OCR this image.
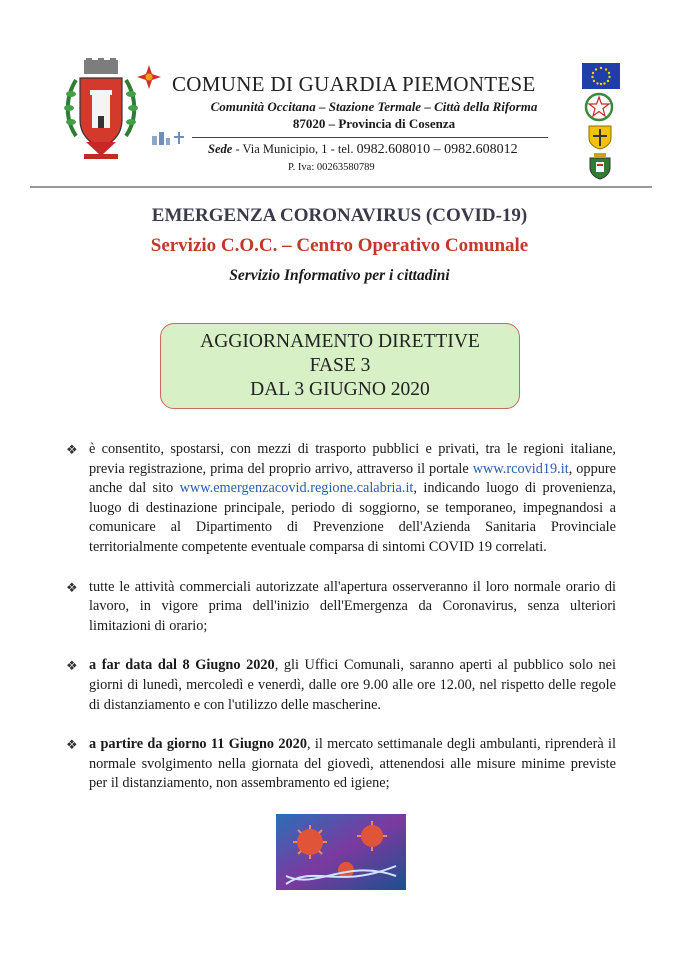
COMUNE DI GUARDIA PIEMONTESE
Comunità Occitana – Stazione Termale – Città della Riforma
87020 – Provincia di Cosenza
Sede - Via Municipio, 1 - tel. 0982.608010 – 0982.608012
P. Iva: 00263580789
EMERGENZA CORONAVIRUS (COVID-19)
Servizio C.O.C. – Centro Operativo Comunale
Servizio Informativo per i cittadini
AGGIORNAMENTO DIRETTIVE
FASE 3
DAL 3 GIUGNO 2020
❖ è consentito, spostarsi, con mezzi di trasporto pubblici e privati, tra le regioni italiane, previa registrazione, prima del proprio arrivo, attraverso il portale www.rcovid19.it, oppure anche dal sito www.emergenzacovid.regione.calabria.it, indicando luogo di provenienza, luogo di destinazione principale, periodo di soggiorno, se temporaneo, impegnandosi a comunicare al Dipartimento di Prevenzione dell'Azienda Sanitaria Provinciale territorialmente competente eventuale comparsa di sintomi COVID 19 correlati.
❖ tutte le attività commerciali autorizzate all'apertura osserveranno il loro normale orario di lavoro, in vigore prima dell'inizio dell'Emergenza da Coronavirus, senza ulteriori limitazioni di orario;
❖ a far data dal 8 Giugno 2020, gli Uffici Comunali, saranno aperti al pubblico solo nei giorni di lunedì, mercoledì e venerdì, dalle ore 9.00 alle ore 12.00, nel rispetto delle regole di distanziamento e con l'utilizzo delle mascherine.
❖ a partire da giorno 11 Giugno 2020, il mercato settimanale degli ambulanti, riprenderà il normale svolgimento nella giornata del giovedì, attenendosi alle misure minime previste per il distanziamento, non assembramento ed igiene;
